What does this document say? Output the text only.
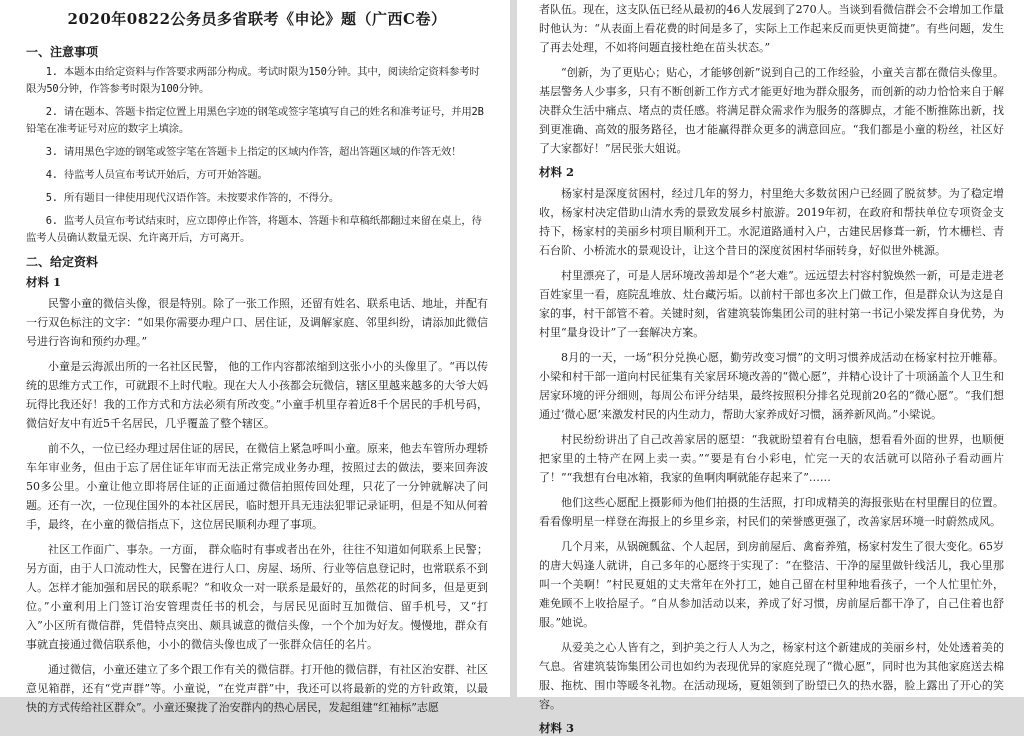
2020年0822公务员多省联考《申论》题（广西C卷）
一、注意事项

1. 本题本由给定资料与作答要求两部分构成。考试时限为150分钟。其中，阅读给定资料参考时限为50分钟，作答参考时限为100分钟。

2. 请在题本、答题卡指定位置上用黑色字迹的钢笔或签字笔填写自己的姓名和准考证号，并用2B铅笔在准考证号对应的数字上填涂。

3. 请用黑色字迹的钢笔或签字笔在答题卡上指定的区域内作答，超出答题区域的作答无效！

4. 待监考人员宣布考试开始后，方可开始答题。

5. 所有题目一律使用现代汉语作答。未按要求作答的，不得分。

6. 监考人员宣布考试结束时，应立即停止作答，将题本、答题卡和草稿纸都翻过来留在桌上，待监考人员确认数量无误、允许离开后，方可离开。

二、给定资料
材料 1

民警小童的微信头像，很是特别。除了一张工作照，还留有姓名、联系电话、地址，并配有一行双色标注的文字：“如果你需要办理户口、居住证，及调解家庭、邻里纠纷，请添加此微信号进行咨询和预约办理。”

小童是云海派出所的一名社区民警， 他的工作内容都浓缩到这张小小的头像里了。“再以传统的思维方式工作，可就跟不上时代啦。现在大人小孩都会玩微信，辖区里越来越多的大爷大妈玩得比我还好！我的工作方式和方法必须有所改变。”小童手机里存着近8千个居民的手机号码，微信好友中有近5千名居民，几乎覆盖了整个辖区。

前不久，一位已经办理过居住证的居民，在微信上紧急呼叫小童。原来，他去车管所办理轿车年审业务，但由于忘了居住证年审而无法正常完成业务办理，按照过去的做法，要来回奔波50多公里。小童让他立即将居住证的正面通过微信拍照传回处理，只花了一分钟就解决了问题。还有一次，一位现住国外的本社区居民，临时想开具无违法犯罪记录证明，但是不知从何着手，最终，在小童的微信指点下，这位居民顺利办理了事项。

社区工作面广、事杂。一方面， 群众临时有事或者出在外，往往不知道如何联系上民警；另方面，由于人口流动性大，民警在进行人口、房屋、场所、行业等信息登记时，也常联系不到人。怎样才能加强和居民的联系呢？“和收众一对一联系是最好的，虽然花的时间多，但是更到位。”小童利用上门签订治安管理责任书的机会，与居民见面时互加微信、留手机号，又“打入”小区所有微信群，凭借特点突出、颇具诚意的微信头像，一个个加为好友。慢慢地，群众有事就直接通过微信联系他，小小的微信头像也成了一张群众信任的名片。

通过微信，小童还建立了多个跟工作有关的微信群。打开他的微信群，有社区治安群、社区意见箱群，还有“党声群”等。小童说，“在党声群”中，我还可以将最新的党的方针政策，以最快的方式传给社区群众”。小童还聚拢了治安群内的热心居民，发起组建“红袖标”志愿

者队伍。现在，这支队伍已经从最初的46人发展到了270人。当谈到看微信群会不会增加工作量时他认为：“从表面上看花费的时间是多了，实际上工作起来反而更快更简捷”。有些问题，发生了再去处理，不如将问题直接杜绝在苗头状态。”

“创新，为了更贴心；贴心，才能够创新”说到自己的工作经验，小童关言都在微信头像里。基层警务人少事多，只有不断创新工作方式才能更好地为群众服务，而创新的动力恰恰来自于解决群众生活中痛点、堵点的责任感。将满足群众需求作为服务的落脚点，才能不断推陈出新，找到更准确、高效的服务路径，也才能赢得群众更多的满意回应。“我们都是小童的粉丝，社区好了大家都好！”居民张大姐说。

材料 2

杨家村是深度贫困村，经过几年的努力，村里绝大多数贫困户已经圆了脱贫梦。为了稳定增收，杨家村决定借助山清水秀的景致发展乡村旅游。2019年初，在政府和帮扶单位专项资金支持下，杨家村的美丽乡村项目顺利开工。水泥道路通村入户，古建民居修葺一新，竹木栅栏、青石台阶、小桥流水的景观设计，让这个昔日的深度贫困村华丽转身，好似世外桃源。

村里漂亮了，可是人居环境改善却是个“老大难”。远远望去村容村貌焕然一新，可是走进老百姓家里一看，庭院乱堆放、灶台藏污垢。以前村干部也多次上门做工作，但是群众认为这是自家的事，村干部管不着。关键时刻，省建筑装饰集团公司的驻村第一书记小梁发挥自身优势，为村里“量身设计”了一套解决方案。

8月的一天，一场“积分兑换心愿，勤劳改变习惯”的文明习惯养成活动在杨家村拉开帷幕。小梁和村干部一道向村民征集有关家居环境改善的“微心愿”，并精心设计了十项涵盖个人卫生和居家环境的评分细则，每周公布评分结果，最终按照积分排名兑现前20名的“微心愿”。“我们想通过‘微心愿’来激发村民的内生动力，帮助大家养成好习惯，涵养新风尚。”小梁说。

村民纷纷讲出了自己改善家居的愿望：“我就盼望着有台电脑，想看看外面的世界，也顺便把家里的土特产在网上卖一卖。”“要是有台小彩电，忙完一天的农活就可以陪孙子看动画片了！”“我想有台电冰箱，我家的鱼啊肉啊就能存起来了”……

他们这些心愿配上摄影师为他们拍摄的生活照，打印成精美的海报张贴在村里醒目的位置。看看像明星一样登在海报上的乡里乡亲，村民们的荣誉感更强了，改善家居环境一时蔚然成风。

几个月来，从锅碗瓢盆、个人起居，到房前屋后、禽畜养殖，杨家村发生了很大变化。65岁的唐大妈逢人就讲，自己多年的心愿终于实现了：“在整洁、干净的屋里做针线活儿，我心里那叫一个美啊！”村民夏姐的丈夫常年在外打工，她自己留在村里种地看孩子，一个人忙里忙外，难免顾不上收拾屋子。“自从参加活动以来，养成了好习惯，房前屋后都干净了，自己住着也舒服。”她说。

从爱美之心人皆有之，到护美之行人人为之，杨家村这个新建成的美丽乡村，处处透着美的气息。省建筑装饰集团公司也如约为表现优异的家庭兑现了“微心愿”，同时也为其他家庭送去棉服、拖枕、围巾等暖冬礼物。在活动现场，夏姐领到了盼望已久的热水器，脸上露出了开心的笑容。

材料 3
